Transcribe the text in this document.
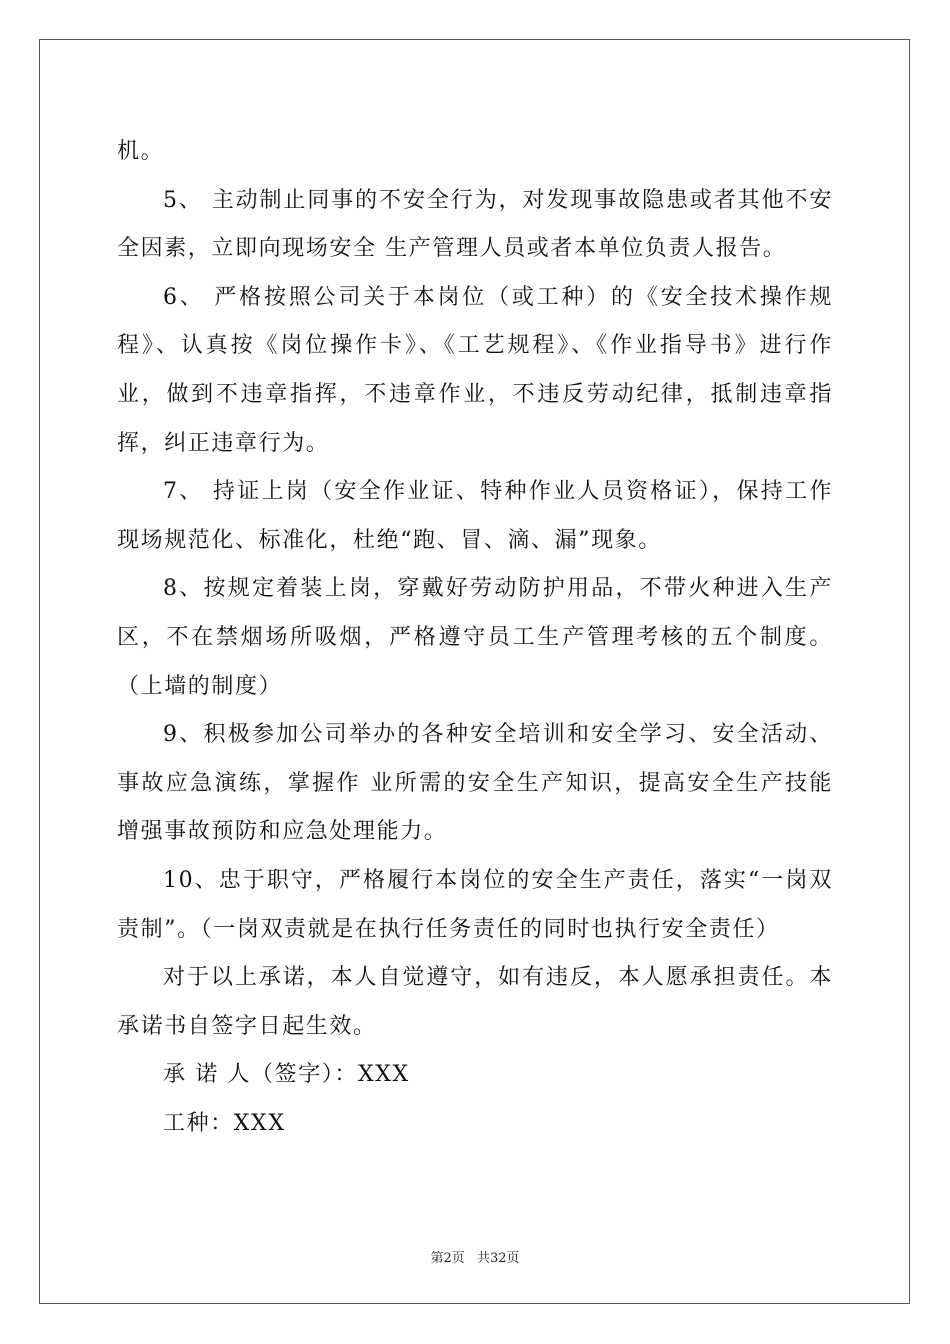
机。

5、 主动制止同事的不安全行为，对发现事故隐患或者其他不安全因素，立即向现场安全 生产管理人员或者本单位负责人报告。

6、 严格按照公司关于本岗位（或工种）的《安全技术操作规程》、认真按《岗位操作卡》、《工艺规程》、《作业指导书》进行作业，做到不违章指挥，不违章作业，不违反劳动纪律，抵制违章指挥，纠正违章行为。

7、 持证上岗（安全作业证、特种作业人员资格证），保持工作现场规范化、标准化，杜绝“跑、冒、滴、漏”现象。

8、按规定着装上岗，穿戴好劳动防护用品，不带火种进入生产区，不在禁烟场所吸烟，严格遵守员工生产管理考核的五个制度。（上墙的制度）

9、积极参加公司举办的各种安全培训和安全学习、安全活动、事故应急演练，掌握作 业所需的安全生产知识，提高安全生产技能增强事故预防和应急处理能力。

10、忠于职守，严格履行本岗位的安全生产责任，落实“一岗双责制”。（一岗双责就是在执行任务责任的同时也执行安全责任）

对于以上承诺，本人自觉遵守，如有违反，本人愿承担责任。本承诺书自签字日起生效。

承 诺 人（签字）：XXX

工种：XXX

第2页 共32页
